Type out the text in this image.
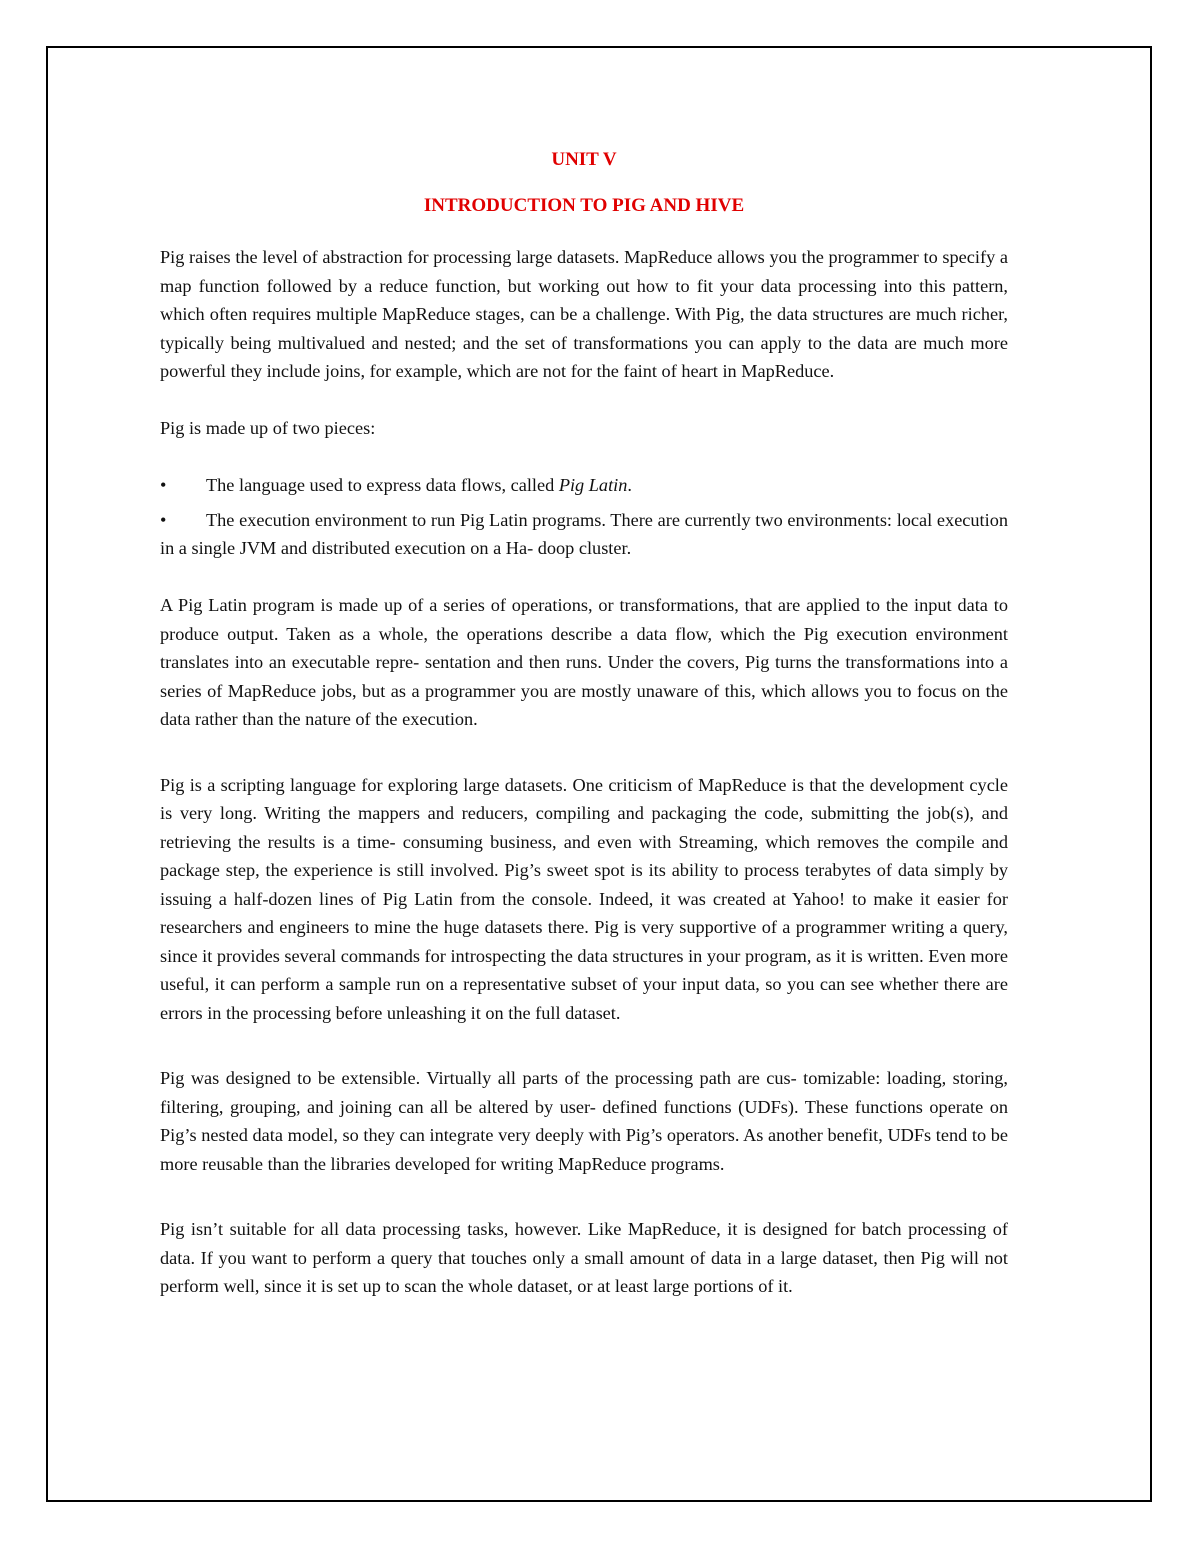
UNIT V
INTRODUCTION TO PIG AND HIVE

Pig raises the level of abstraction for processing large datasets. MapReduce allows you the programmer to specify a map function followed by a reduce function, but working out how to fit your data processing into this pattern, which often requires multiple MapReduce stages, can be a challenge. With Pig, the data structures are much richer, typically being multivalued and nested; and the set of transformations you can apply to the data are much more powerful they include joins, for example, which are not for the faint of heart in MapReduce.

Pig is made up of two pieces:

• The language used to express data flows, called Pig Latin.
• The execution environment to run Pig Latin programs. There are currently two environments: local execution in a single JVM and distributed execution on a Ha- doop cluster.

A Pig Latin program is made up of a series of operations, or transformations, that are applied to the input data to produce output. Taken as a whole, the operations describe a data flow, which the Pig execution environment translates into an executable repre- sentation and then runs. Under the covers, Pig turns the transformations into a series of MapReduce jobs, but as a programmer you are mostly unaware of this, which allows you to focus on the data rather than the nature of the execution.

Pig is a scripting language for exploring large datasets. One criticism of MapReduce is that the development cycle is very long. Writing the mappers and reducers, compiling and packaging the code, submitting the job(s), and retrieving the results is a time- consuming business, and even with Streaming, which removes the compile and package step, the experience is still involved. Pig’s sweet spot is its ability to process terabytes of data simply by issuing a half-dozen lines of Pig Latin from the console. Indeed, it was created at Yahoo! to make it easier for researchers and engineers to mine the huge datasets there. Pig is very supportive of a programmer writing a query, since it provides several commands for introspecting the data structures in your program, as it is written. Even more useful, it can perform a sample run on a representative subset of your input data, so you can see whether there are errors in the processing before unleashing it on the full dataset.

Pig was designed to be extensible. Virtually all parts of the processing path are cus- tomizable: loading, storing, filtering, grouping, and joining can all be altered by user- defined functions (UDFs). These functions operate on Pig’s nested data model, so they can integrate very deeply with Pig’s operators. As another benefit, UDFs tend to be more reusable than the libraries developed for writing MapReduce programs.

Pig isn’t suitable for all data processing tasks, however. Like MapReduce, it is designed for batch processing of data. If you want to perform a query that touches only a small amount of data in a large dataset, then Pig will not perform well, since it is set up to scan the whole dataset, or at least large portions of it.
